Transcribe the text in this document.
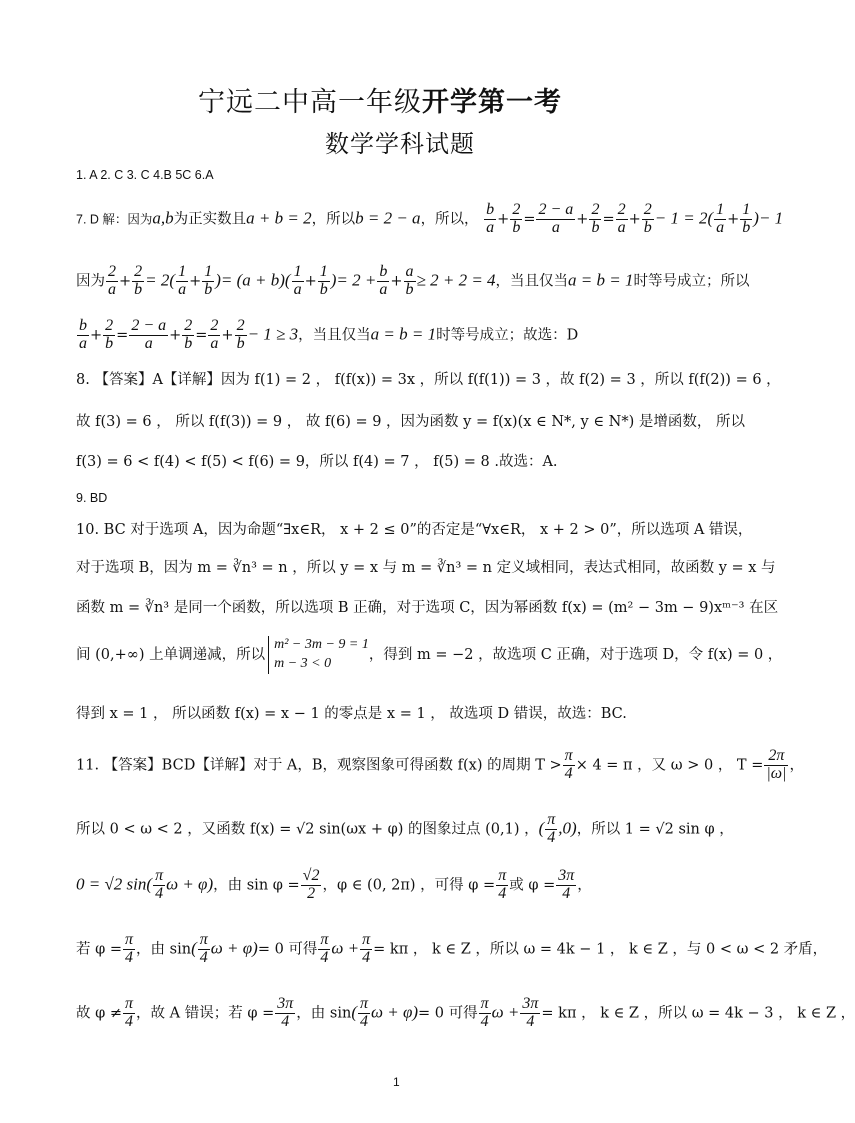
宁远二中高一年级开学第一考
数学学科试题
1. A 2. C 3. C 4.B 5C 6.A
7. D 解：因为a,b为正实数且a + b = 2，所以b = 2 − a，所以， $\frac{b}{a} + \frac{2}{b} = \frac{2 - a}{a} + \frac{2}{b} = \frac{2}{a} + \frac{2}{b} - 1 = 2( \frac{1}{a} + \frac{1}{b}$ )− 1
因为 $\frac{2}{a} + \frac{2}{b} = 2( \frac{1}{a} + \frac{1}{b}$ )= $(a + b)( \frac{1}{a} + \frac{1}{b}$ )= $2 + \frac{b}{a} + \frac{a}{b} \ge 2 + 2 = 4$，当且仅当a = b = 1时等号成立；所以
$\frac{b}{a} + \frac{2}{b} = \frac{2 - a}{a} + \frac{2}{b} = \frac{2}{a} + \frac{2}{b} - 1 \ge 3$，当且仅当a = b = 1时等号成立；故选：D
8. 【答案】A【详解】因为 f(1) = 2 ， f(f(x)) = 3x ，所以 f(f(1)) = 3 ，故 f(2) = 3 ，所以 f(f(2)) = 6 ，
故 f(3) = 6 ， 所以 f(f(3)) = 9 ， 故 f(6) = 9 ，因为函数 y = f(x)(x ∈ N*, y ∈ N*) 是增函数， 所以
f(3) = 6 < f(4) < f(5) < f(6) = 9，所以 f(4) = 7 ， f(5) = 8 .故选：A.
9. BD
10. BC 对于选项 A，因为命题“∃x∈R， x + 2 ≤ 0”的否定是“∀x∈R， x + 2 > 0”，所以选项 A 错误，
对于选项 B，因为 m = ∛n³ = n ，所以 y = x 与 m = ∛n³ = n 定义域相同，表达式相同，故函数 y = x 与
函数 m = ∛n³ 是同一个函数，所以选项 B 正确，对于选项 C，因为幂函数 f(x) = (m² − 3m − 9)xᵐ⁻³ 在区
间 (0,+∞) 上单调递减，所以
m² − 3m − 9 = 1
m − 3 < 0
，得到 m = −2 ，故选项 C 正确，对于选项 D，令 f(x) = 0 ，
得到 x = 1 ， 所以函数 f(x) = x − 1 的零点是 x = 1 ， 故选项 D 错误，故选：BC.
11. 【答案】BCD【详解】对于 A，B，观察图象可得函数 f(x) 的周期 $T > \frac{\pi}{4} \times 4 = \pi$ ，又 ω > 0 ， $T = \frac{2\pi}{|\omega|}$ ，
所以 0 < ω < 2 ，又函数 f(x) = √2 sin(ωx + φ) 的图象过点 (0,1) ，( $\frac{\pi}{4} ,0$)，所以 1 = √2 sin φ ，
0 = √2 $\sin( \frac{\pi}{4}$ ω + φ)，由 $\sin \varphi = \frac{√2}{2}$ ，φ ∈ (0, 2π) ，可得 $\varphi = \frac{\pi}{4}$ 或 $\varphi = \frac{3\pi}{4}$ ，
若 $\varphi = \frac{\pi}{4}$ ，由 $\sin( \frac{\pi}{4}$ ω + φ)= 0 可得 $\frac{\pi}{4}$ $\omega + \frac{\pi}{4} = k\pi$ ， k ∈ Z ，所以 ω = 4k − 1 ， k ∈ Z ，与 0 < ω < 2 矛盾，
故 $\varphi \ne \frac{\pi}{4}$ ，故 A 错误；若 $\varphi = \frac{3\pi}{4}$ ，由 $\sin( \frac{\pi}{4}$ ω + φ)= 0 可得 $\frac{\pi}{4}$ $\omega + \frac{3\pi}{4} = k\pi$ ， k ∈ Z ，所以 ω = 4k − 3 ， k ∈ Z ，
1
